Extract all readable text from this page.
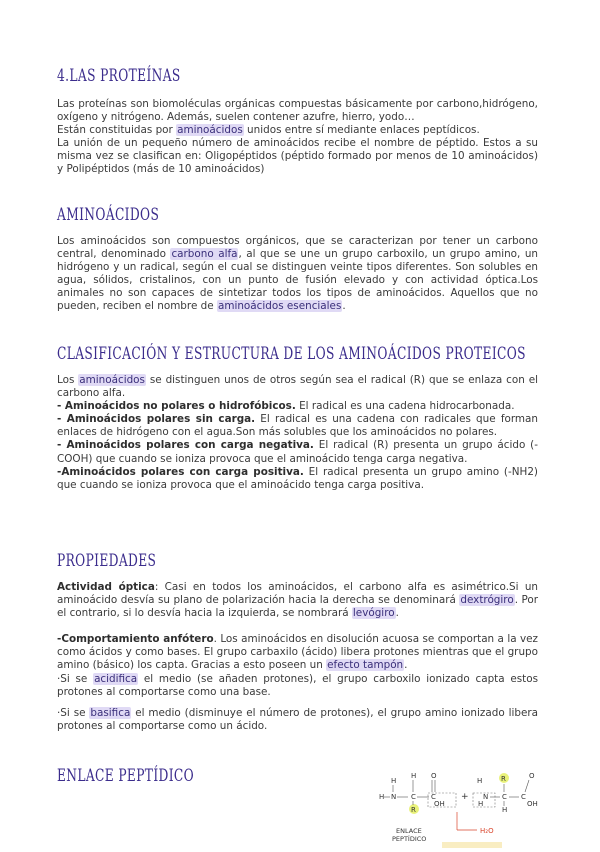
4.LAS PROTEÍNAS

Las proteínas son biomoléculas orgánicas compuestas básicamente por carbono,hidrógeno, oxígeno y nitrógeno. Además, suelen contener azufre, hierro, yodo…

Están constituidas por aminoácidos unidos entre sí mediante enlaces peptídicos.

La unión de un pequeño número de aminoácidos recibe el nombre de péptido. Estos a su misma vez se clasifican en: Oligopéptidos (péptido formado por menos de 10 aminoácidos) y Polipéptidos (más de 10 aminoácidos)

AMINOÁCIDOS

Los aminoácidos son compuestos orgánicos, que se caracterizan por tener un carbono central, denominado carbono alfa, al que se une un grupo carboxilo, un grupo amino, un hidrógeno y un radical, según el cual se distinguen veinte tipos diferentes. Son solubles en agua, sólidos, cristalinos, con un punto de fusión elevado y con actividad óptica.Los animales no son capaces de sintetizar todos los tipos de aminoácidos. Aquellos que no pueden, reciben el nombre de aminoácidos esenciales.

CLASIFICACIÓN Y ESTRUCTURA DE LOS AMINOÁCIDOS PROTEICOS

Los aminoácidos se distinguen unos de otros según sea el radical (R) que se enlaza con el carbono alfa.

- Aminoácidos no polares o hidrofóbicos. El radical es una cadena hidrocarbonada.

- Aminoácidos polares sin carga. El radical es una cadena con radicales que forman enlaces de hidrógeno con el agua.Son más solubles que los aminoácidos no polares.

- Aminoácidos polares con carga negativa. El radical (R) presenta un grupo ácido (-COOH) que cuando se ioniza provoca que el aminoácido tenga carga negativa.

-Aminoácidos polares con carga positiva. El radical presenta un grupo amino (-NH2) que cuando se ioniza provoca que el aminoácido tenga carga positiva.

PROPIEDADES

Actividad óptica: Casi en todos los aminoácidos, el carbono alfa es asimétrico.Si un aminoácido desvía su plano de polarización hacia la derecha se denominará dextrógiro. Por el contrario, si lo desvía hacia la izquierda, se nombrará levógiro.

-Comportamiento anfótero. Los aminoácidos en disolución acuosa se comportan a la vez como ácidos y como bases. El grupo carbaxilo (ácido) libera protones mientras que el grupo amino (básico) los capta. Gracias a esto poseen un efecto tampón.

·Si se acidifica el medio (se añaden protones), el grupo carboxilo ionizado capta estos protones al comportarse como una base.

·Si se basifica el medio (disminuye el número de protones), el grupo amino ionizado libera protones al comportarse como un ácido.

ENLACE PEPTÍDICO	H
N
H	C
H
R
C
O
OH
+
H
N
H
C
R
H
C
O
OH
ENLACE
PEPTÍDICO
H₂O
